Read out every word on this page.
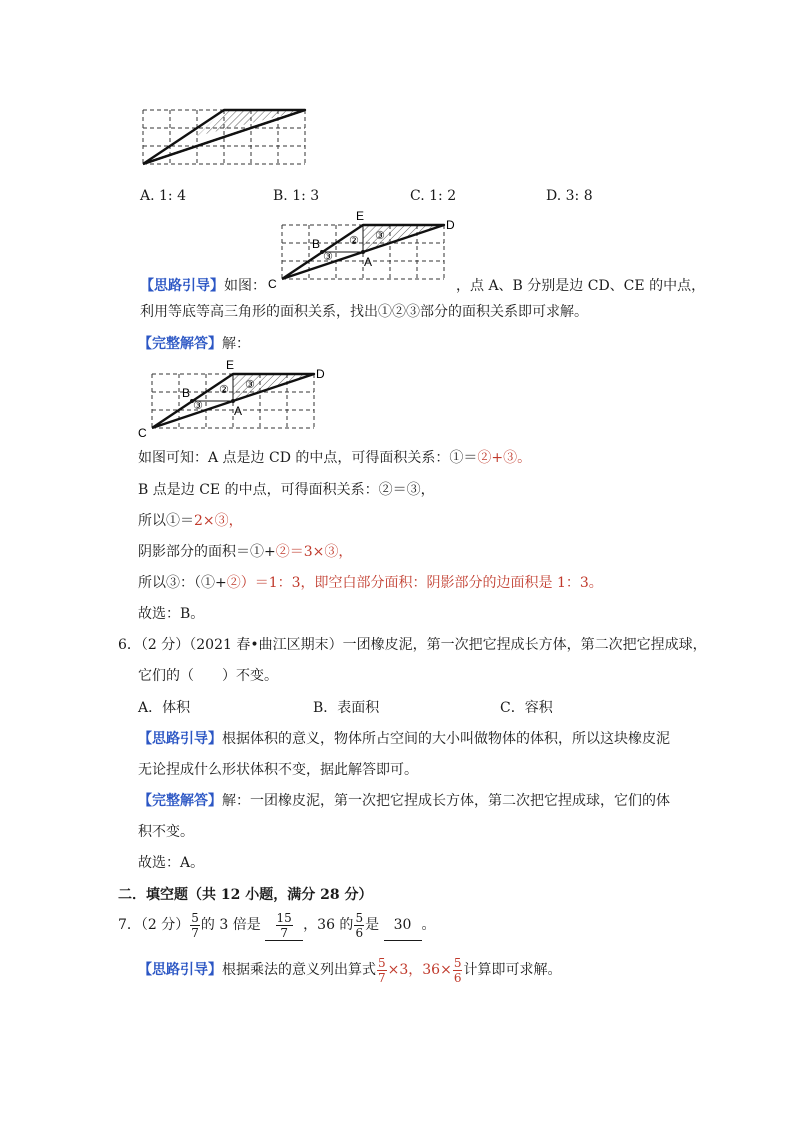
A. 1: 4	B. 1: 3	C. 1: 2	D. 3: 8
E
D
B
A
C
② ③
③
【思路引导】如图：	，点 A、B 分别是边 CD、CE 的中点，
利用等底等高三角形的面积关系，找出①②③部分的面积关系即可求解。
【完整解答】解：
E
D
B
A
C
② ③
③
如图可知：A 点是边 CD 的中点，可得面积关系：①＝②+③。
B 点是边 CE 的中点，可得面积关系：②＝③，
所以①＝2×③，
阴影部分的面积＝①+②＝3×③，
所以③：（①+②）＝1：3，即空白部分面积：阴影部分的边面积是 1：3。
故选：B。
6．（2 分）（2021 春•曲江区期末）一团橡皮泥，第一次把它捏成长方体，第二次把它捏成球，
它们的（　　）不变。
A．体积	B．表面积	C．容积
【思路引导】根据体积的意义，物体所占空间的大小叫做物体的体积，所以这块橡皮泥
无论捏成什么形状体积不变，据此解答即可。
【完整解答】解：一团橡皮泥，第一次把它捏成长方体，第二次把它捏成球，它们的体
积不变。
故选：A。
二．填空题（共 12 小题，满分 28 分）
7．（2 分） $\frac{5}{7}$ 的 3 倍是 $\frac{15}{7}$ ，36 的 $\frac{5}{6}$ 是 30 。
【思路引导】根据乘法的意义列出算式 $\frac{5}{7} \times 3$，$36\times \frac{5}{6}$ 计算即可求解。
